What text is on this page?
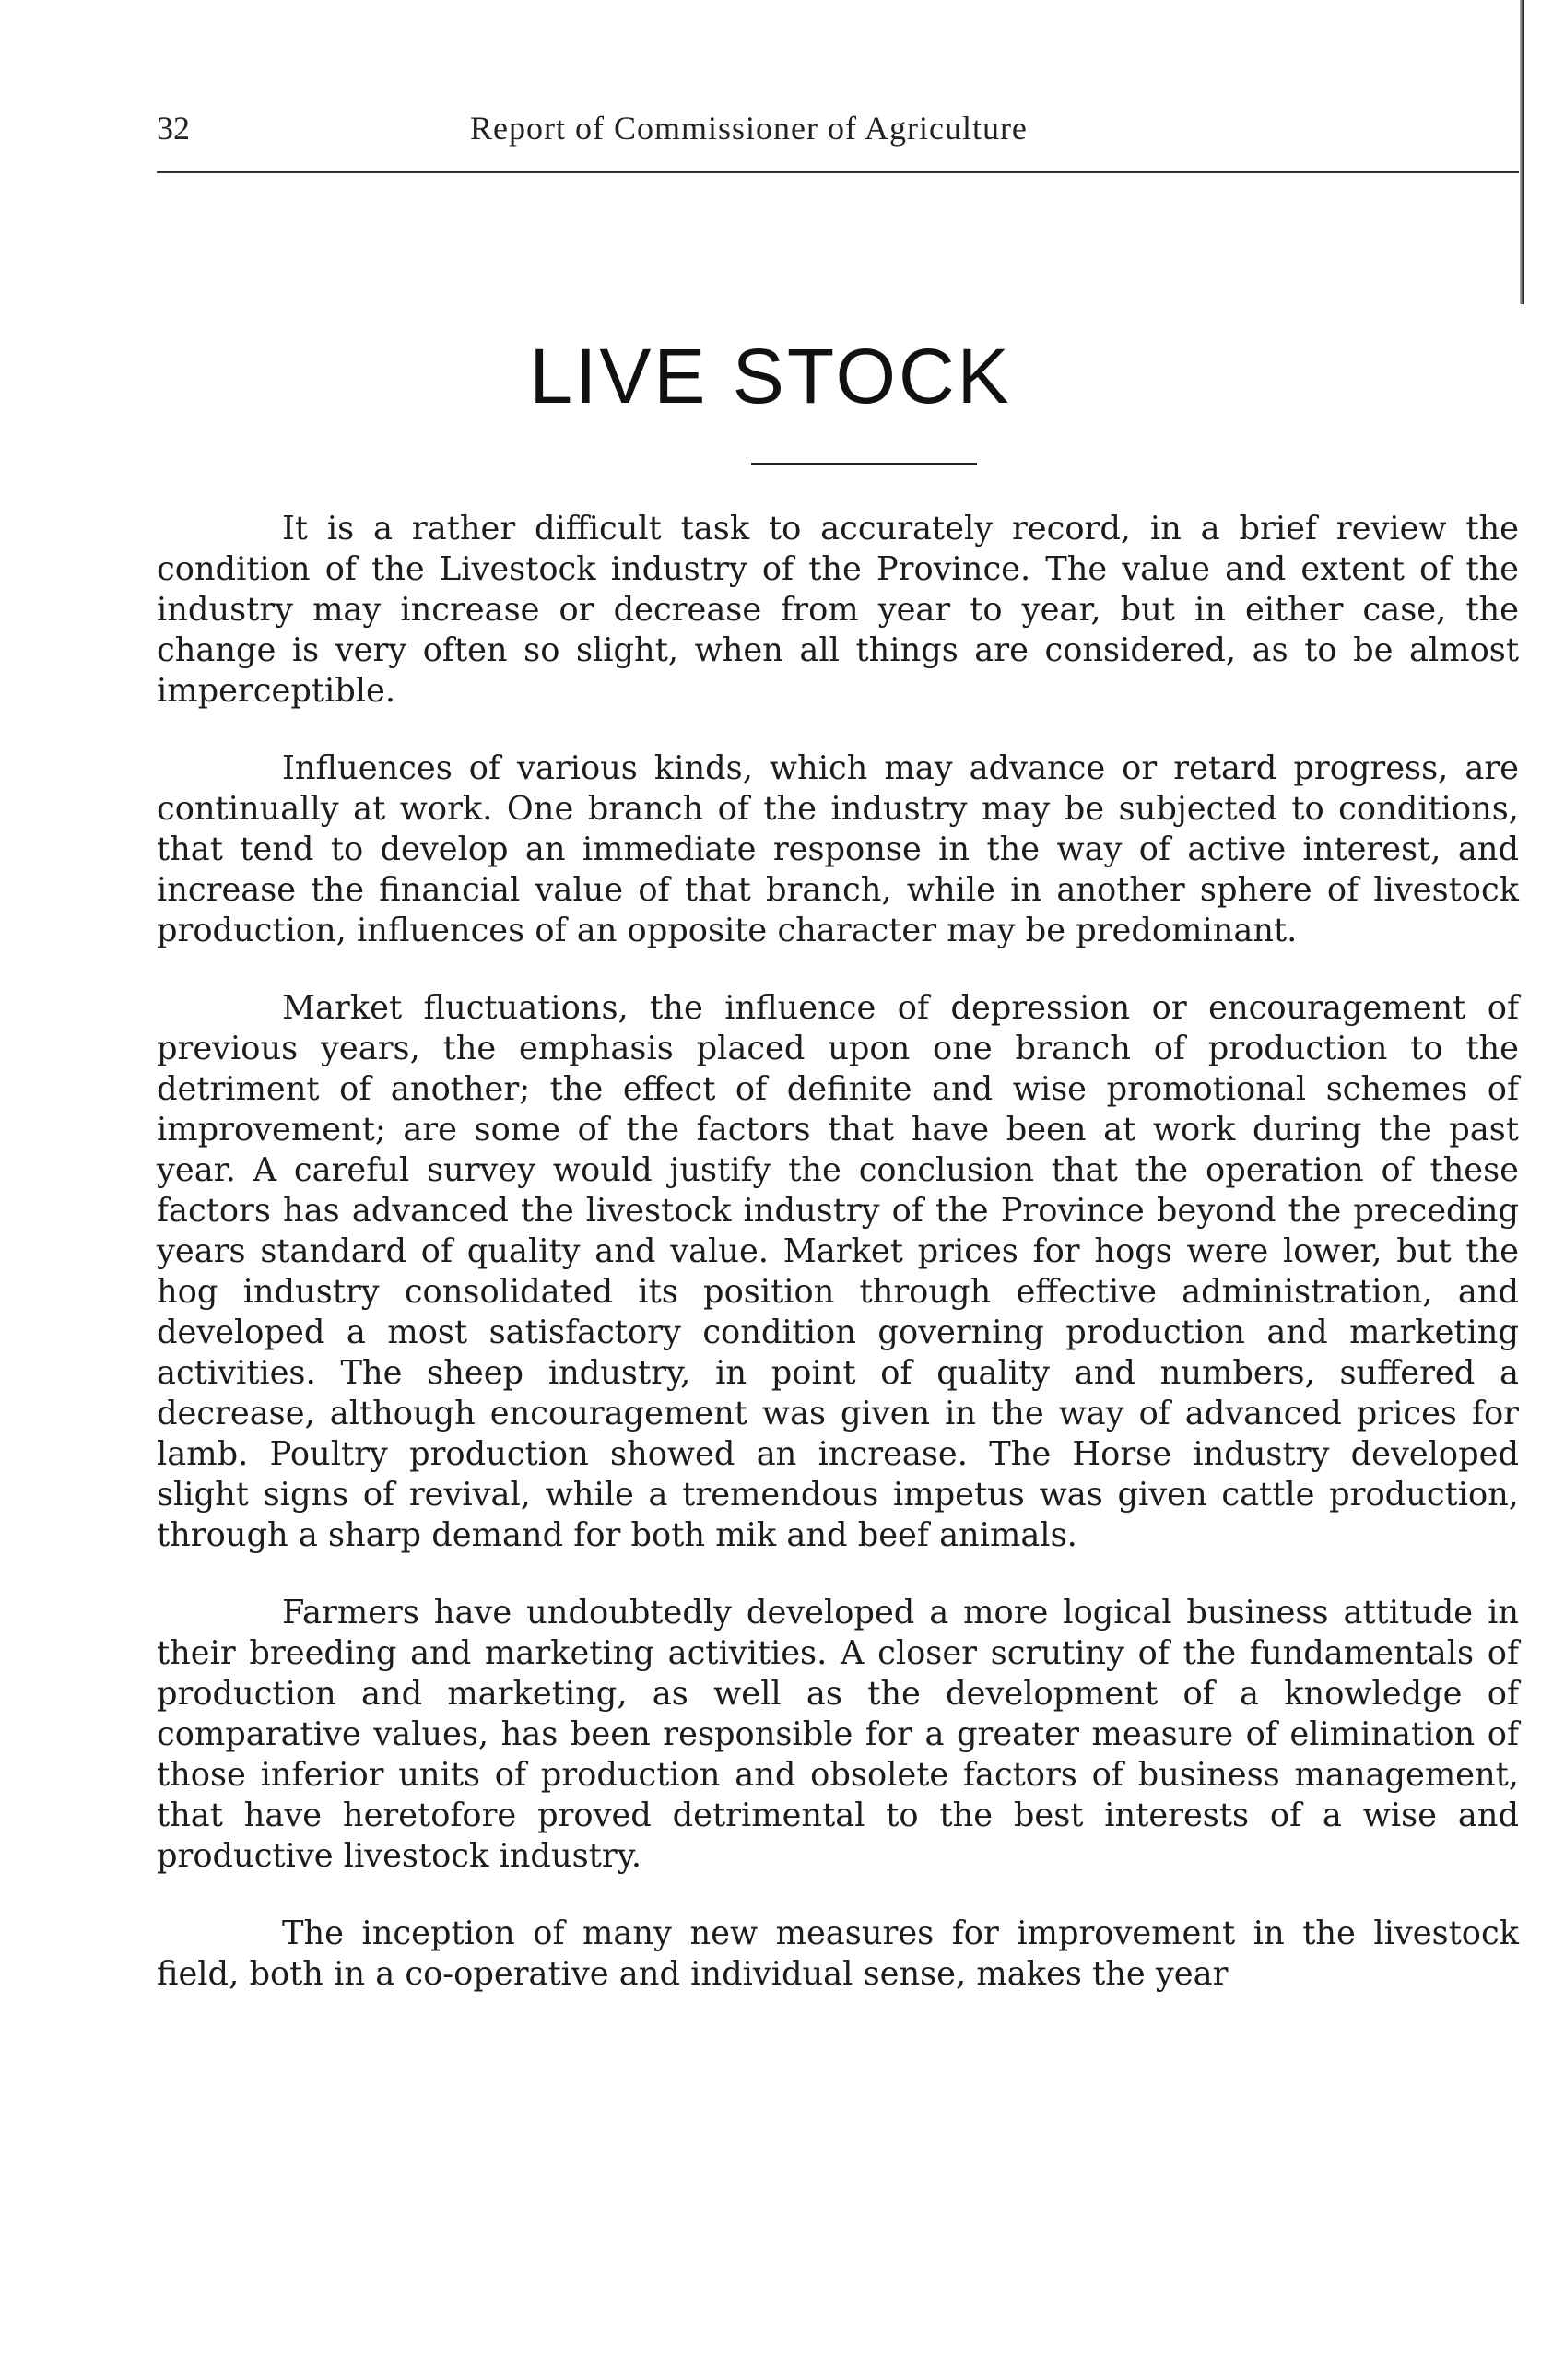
32	Report of Commissioner of Agriculture
LIVE STOCK

It is a rather difficult task to accurately record, in a brief review the condition of the Livestock industry of the Province. The value and extent of the industry may increase or decrease from year to year, but in either case, the change is very often so slight, when all things are considered, as to be almost imperceptible.

Influences of various kinds, which may advance or retard progress, are continually at work. One branch of the industry may be subjected to conditions, that tend to develop an immediate response in the way of active interest, and increase the financial value of that branch, while in another sphere of livestock production, influences of an opposite character may be predominant.

Market fluctuations, the influence of depression or encouragement of previous years, the emphasis placed upon one branch of production to the detriment of another; the effect of definite and wise promotional schemes of improvement; are some of the factors that have been at work during the past year. A careful survey would justify the conclusion that the operation of these factors has advanced the livestock industry of the Province beyond the preceding years standard of quality and value. Market prices for hogs were lower, but the hog industry consolidated its position through effective administration, and developed a most satisfactory condition governing production and marketing activities. The sheep industry, in point of quality and numbers, suffered a decrease, although encouragement was given in the way of advanced prices for lamb. Poultry production showed an increase. The Horse industry developed slight signs of revival, while a tremendous impetus was given cattle production, through a sharp demand for both mik and beef animals.

Farmers have undoubtedly developed a more logical business attitude in their breeding and marketing activities. A closer scrutiny of the fundamentals of production and marketing, as well as the development of a knowledge of comparative values, has been responsible for a greater measure of elimination of those inferior units of production and obsolete factors of business management, that have heretofore proved detrimental to the best interests of a wise and productive livestock industry.

The inception of many new measures for improvement in the livestock field, both in a co-operative and individual sense, makes the year
